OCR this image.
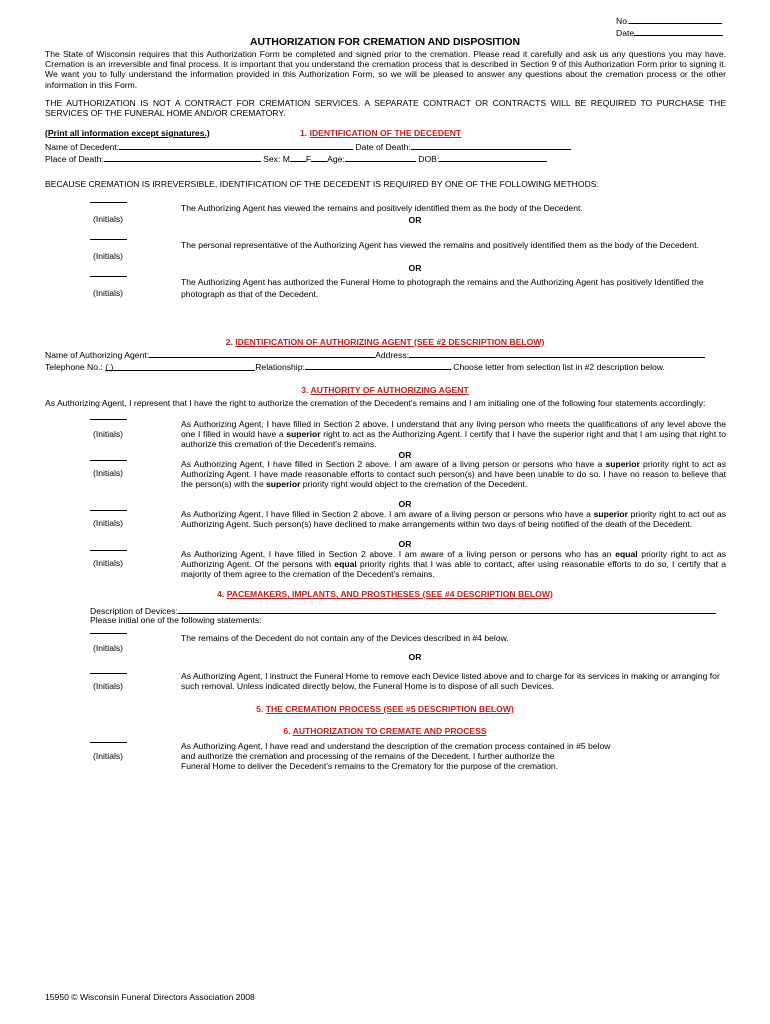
No.
Date
AUTHORIZATION FOR CREMATION AND DISPOSITION
The State of Wisconsin requires that this Authorization Form be completed and signed prior to the cremation. Please read it carefully and ask us any questions you may have. Cremation is an irreversible and final process. It is important that you understand the cremation process that is described in Section 9 of this Authorization Form prior to signing it. We want you to fully understand the information provided in this Authorization Form, so we will be pleased to answer any questions about the cremation process or the other information in this Form.
THE AUTHORIZATION IS NOT A CONTRACT FOR CREMATION SERVICES. A SEPARATE CONTRACT OR CONTRACTS WILL BE REQUIRED TO PURCHASE THE SERVICES OF THE FUNERAL HOME AND/OR CREMATORY.
(Print all information except signatures.)	1. IDENTIFICATION OF THE DECEDENT
Name of Decedent:	Date of Death:
Place of Death:	Sex: M F Age:	DOB:
BECAUSE CREMATION IS IRREVERSIBLE, IDENTIFICATION OF THE DECEDENT IS REQUIRED BY ONE OF THE FOLLOWING METHODS:
(Initials)
The Authorizing Agent has viewed the remains and positively identified them as the body of the Decedent.
OR
(Initials)
The personal representative of the Authorizing Agent has viewed the remains and positively identified them as the body of the Decedent.
OR
(Initials)
The Authorizing Agent has authorized the Funeral Home to photograph the remains and the Authorizing Agent has positively Identified the photograph as that of the Decedent.
2. IDENTIFICATION OF AUTHORIZING AGENT (SEE #2 DESCRIPTION BELOW)
Name of Authorizing Agent:	Address:
Telephone No.: ( )	Relationship:	Choose letter from selection list in #2 description below.
3. AUTHORITY OF AUTHORIZING AGENT
As Authorizing Agent, I represent that I have the right to authorize the cremation of the Decedent's remains and I am initialing one of the following four statements accordingly:
(Initials)
As Authorizing Agent, I have filled in Section 2 above. I understand that any living person who meets the qualifications of any level above the one I filled in would have a superior right to act as the Authorizing Agent. I certify that I have the superior right and that I am using that right to authorize this cremation of the Decedent's remains.
OR
(Initials)
As Authorizing Agent, I have filled in Section 2 above. I am aware of a living person or persons who have a superior priority right to act as Authorizing Agent. I have made reasonable efforts to contact such person(s) and have been unable to do so. I have no reason to believe that the person(s) with the superior priority right would object to the cremation of the Decedent.
OR
(Initials)
As Authorizing Agent, I have filled in Section 2 above. I am aware of a living person or persons who have a superior priority right to act out as Authorizing Agent. Such person(s) have declined to make arrangements within two days of being notified of the death of the Decedent.
OR
(Initials)
As Authorizing Agent, I have filled in Section 2 above. I am aware of a living person or persons who has an equal priority right to act as Authorizing Agent. Of the persons with equal priority rights that I was able to contact, after using reasonable efforts to do so, I certify that a majority of them agree to the cremation of the Decedent's remains.
4. PACEMAKERS, IMPLANTS, AND PROSTHESES (SEE #4 DESCRIPTION BELOW)
Description of Devices:
Please initial one of the following statements:
(Initials)
The remains of the Decedent do not contain any of the Devices described in #4 below.
OR
(Initials)
As Authorizing Agent, I instruct the Funeral Home to remove each Device listed above and to charge for its services in making or arranging for such removal. Unless indicated directly below, the Funeral Home is to dispose of all such Devices.
5. THE CREMATION PROCESS (SEE #5 DESCRIPTION BELOW)
6. AUTHORIZATION TO CREMATE AND PROCESS
(Initials)
As Authorizing Agent, I have read and understand the description of the cremation process contained in #5 below
and authorize the cremation and processing of the remains of the Decedent. I further authorize the
Funeral Home to deliver the Decedent's remains to the Crematory for the purpose of the cremation.
15950 © Wisconsin Funeral Directors Association 2008
